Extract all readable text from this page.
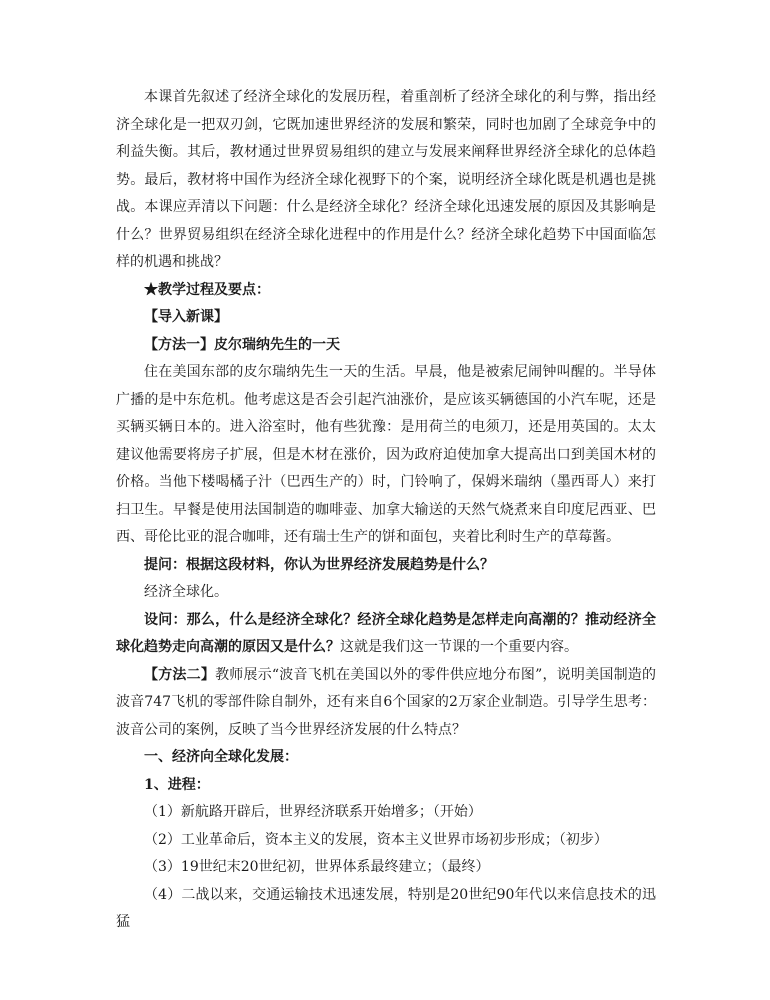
本课首先叙述了经济全球化的发展历程，着重剖析了经济全球化的利与弊，指出经济全球化是一把双刃剑，它既加速世界经济的发展和繁荣，同时也加剧了全球竞争中的利益失衡。其后，教材通过世界贸易组织的建立与发展来阐释世界经济全球化的总体趋势。最后，教材将中国作为经济全球化视野下的个案，说明经济全球化既是机遇也是挑战。本课应弄清以下问题：什么是经济全球化？经济全球化迅速发展的原因及其影响是什么？世界贸易组织在经济全球化进程中的作用是什么？经济全球化趋势下中国面临怎样的机遇和挑战？

★教学过程及要点：

【导入新课】

【方法一】皮尔瑞纳先生的一天

住在美国东部的皮尔瑞纳先生一天的生活。早晨，他是被索尼闹钟叫醒的。半导体广播的是中东危机。他考虑这是否会引起汽油涨价，是应该买辆德国的小汽车呢，还是买辆买辆日本的。进入浴室时，他有些犹豫：是用荷兰的电须刀，还是用英国的。太太建议他需要将房子扩展，但是木材在涨价，因为政府迫使加拿大提高出口到美国木材的价格。当他下楼喝橘子汁（巴西生产的）时，门铃响了，保姆米瑞纳（墨西哥人）来打扫卫生。早餐是使用法国制造的咖啡壶、加拿大输送的天然气烧煮来自印度尼西亚、巴西、哥伦比亚的混合咖啡，还有瑞士生产的饼和面包，夹着比利时生产的草莓酱。

提问：根据这段材料，你认为世界经济发展趋势是什么？

经济全球化。

设问：那么，什么是经济全球化？经济全球化趋势是怎样走向高潮的？推动经济全球化趋势走向高潮的原因又是什么？这就是我们这一节课的一个重要内容。

【方法二】教师展示“波音飞机在美国以外的零件供应地分布图”，说明美国制造的波音747飞机的零部件除自制外，还有来自6个国家的2万家企业制造。引导学生思考：波音公司的案例，反映了当今世界经济发展的什么特点？

一、经济向全球化发展：

1、进程：

（1）新航路开辟后，世界经济联系开始增多；（开始）

（2）工业革命后，资本主义的发展，资本主义世界市场初步形成；（初步）

（3）19世纪末20世纪初，世界体系最终建立；（最终）

（4）二战以来，交通运输技术迅速发展，特别是20世纪90年代以来信息技术的迅猛
